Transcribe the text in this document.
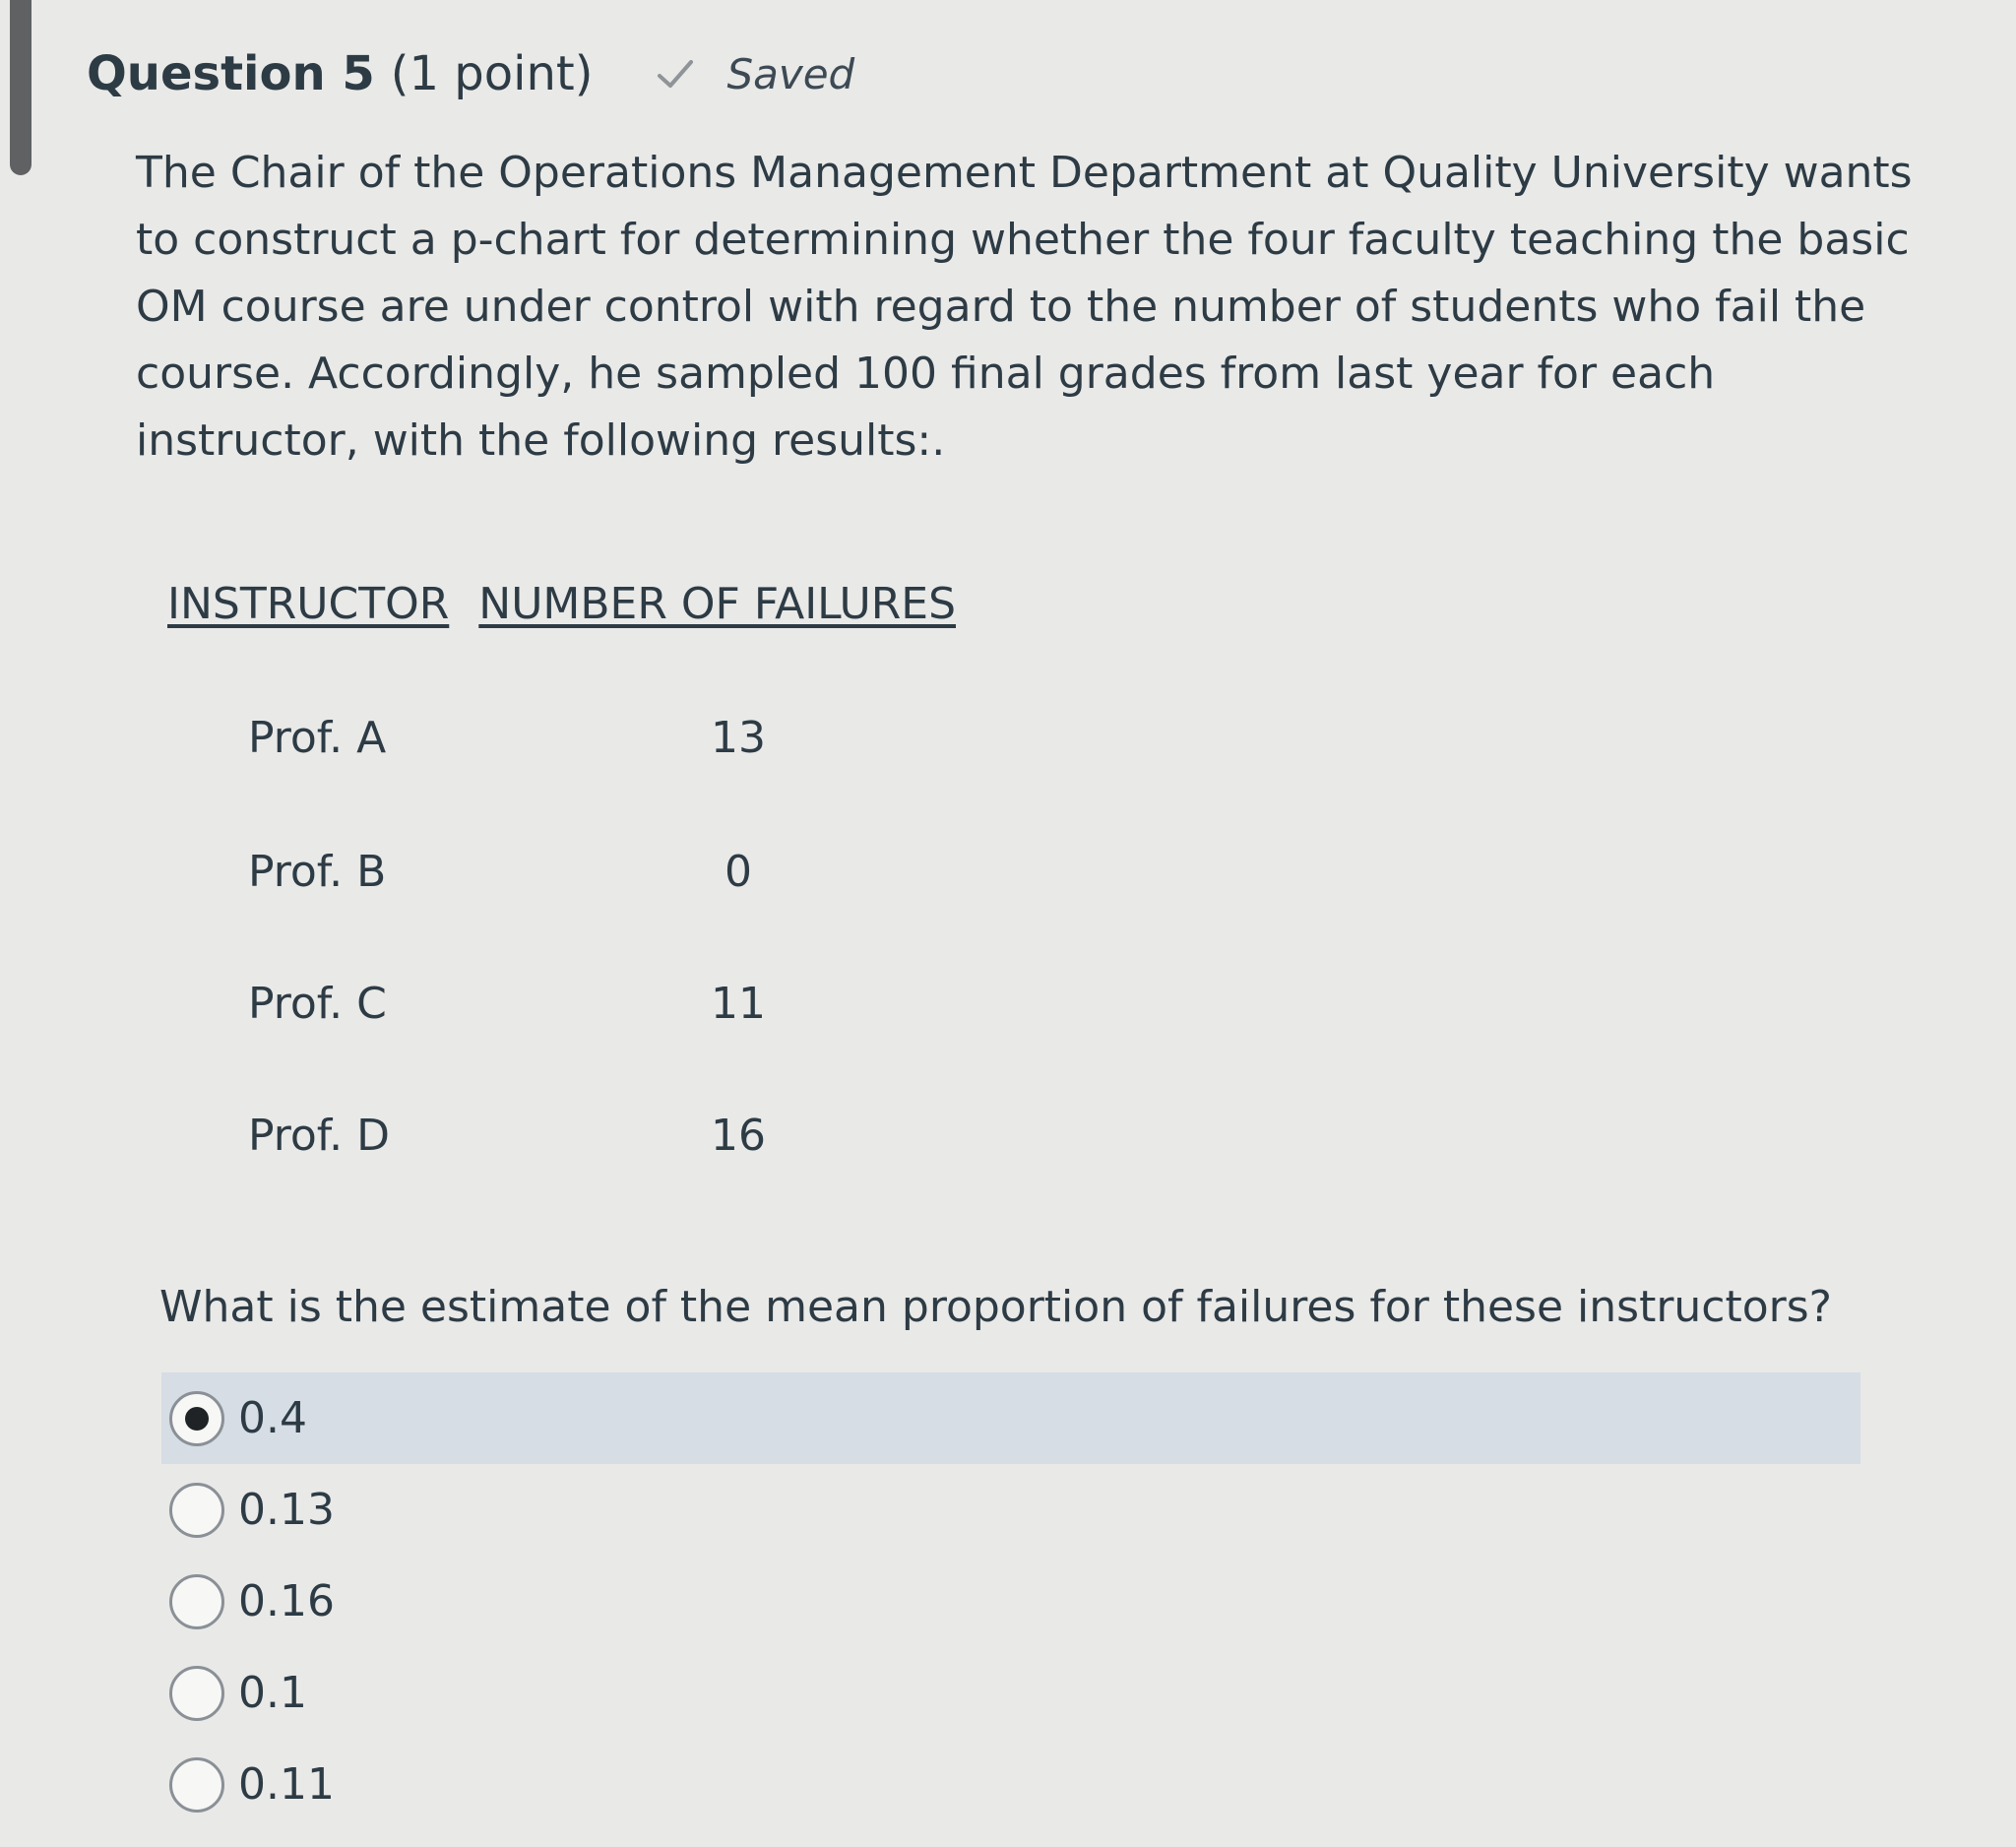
Question 5 (1 point)	Saved
The Chair of the Operations Management Department at Quality University wants to construct a p-chart for determining whether the four faculty teaching the basic OM course are under control with regard to the number of students who fail the course. Accordingly, he sampled 100 final grades from last year for each instructor, with the following results:.
INSTRUCTOR NUMBER OF FAILURES
Prof. A	13
Prof. B	0
Prof. C	11
Prof. D	16
What is the estimate of the mean proportion of failures for these instructors?
0.4
0.13
0.16
0.1
0.11
